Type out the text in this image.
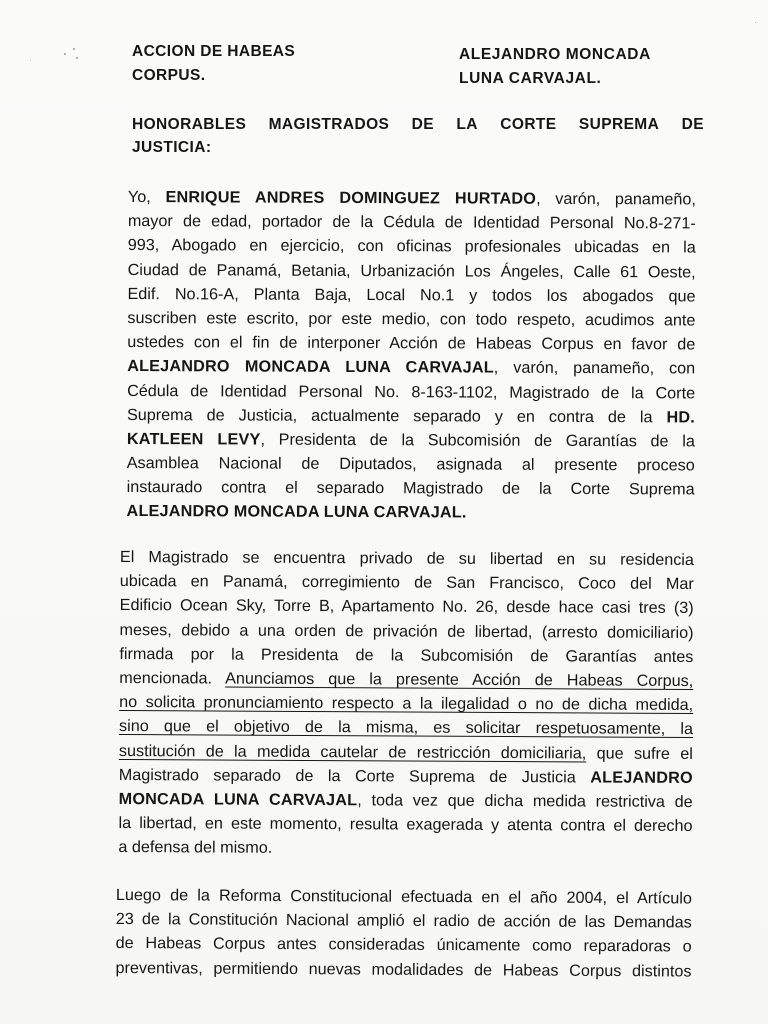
ACCION DE HABEAS
CORPUS.
ALEJANDRO MONCADA
LUNA CARVAJAL.
HONORABLES MAGISTRADOS DE LA CORTE SUPREMA DE
JUSTICIA:
Yo, ENRIQUE ANDRES DOMINGUEZ HURTADO, varón, panameño,
mayor de edad, portador de la Cédula de Identidad Personal No.8-271-
993, Abogado en ejercicio, con oficinas profesionales ubicadas en la
Ciudad de Panamá, Betania, Urbanización Los Ángeles, Calle 61 Oeste,
Edif. No.16-A, Planta Baja, Local No.1 y todos los abogados que
suscriben este escrito, por este medio, con todo respeto, acudimos ante
ustedes con el fin de interponer Acción de Habeas Corpus en favor de
ALEJANDRO MONCADA LUNA CARVAJAL, varón, panameño, con
Cédula de Identidad Personal No. 8-163-1102, Magistrado de la Corte
Suprema de Justicia, actualmente separado y en contra de la HD.
KATLEEN LEVY, Presidenta de la Subcomisión de Garantías de la
Asamblea Nacional de Diputados, asignada al presente proceso
instaurado contra el separado Magistrado de la Corte Suprema
ALEJANDRO MONCADA LUNA CARVAJAL.
El Magistrado se encuentra privado de su libertad en su residencia
ubicada en Panamá, corregimiento de San Francisco, Coco del Mar
Edificio Ocean Sky, Torre B, Apartamento No. 26, desde hace casi tres (3)
meses, debido a una orden de privación de libertad, (arresto domiciliario)
firmada por la Presidenta de la Subcomisión de Garantías antes
mencionada. Anunciamos que la presente Acción de Habeas Corpus,
no solicita pronunciamiento respecto a la ilegalidad o no de dicha medida,
sino que el objetivo de la misma, es solicitar respetuosamente, la
sustitución de la medida cautelar de restricción domiciliaria, que sufre el
Magistrado separado de la Corte Suprema de Justicia ALEJANDRO
MONCADA LUNA CARVAJAL, toda vez que dicha medida restrictiva de
la libertad, en este momento, resulta exagerada y atenta contra el derecho
a defensa del mismo.
Luego de la Reforma Constitucional efectuada en el año 2004, el Artículo
23 de la Constitución Nacional amplió el radio de acción de las Demandas
de Habeas Corpus antes consideradas únicamente como reparadoras o
preventivas, permitiendo nuevas modalidades de Habeas Corpus distintos
